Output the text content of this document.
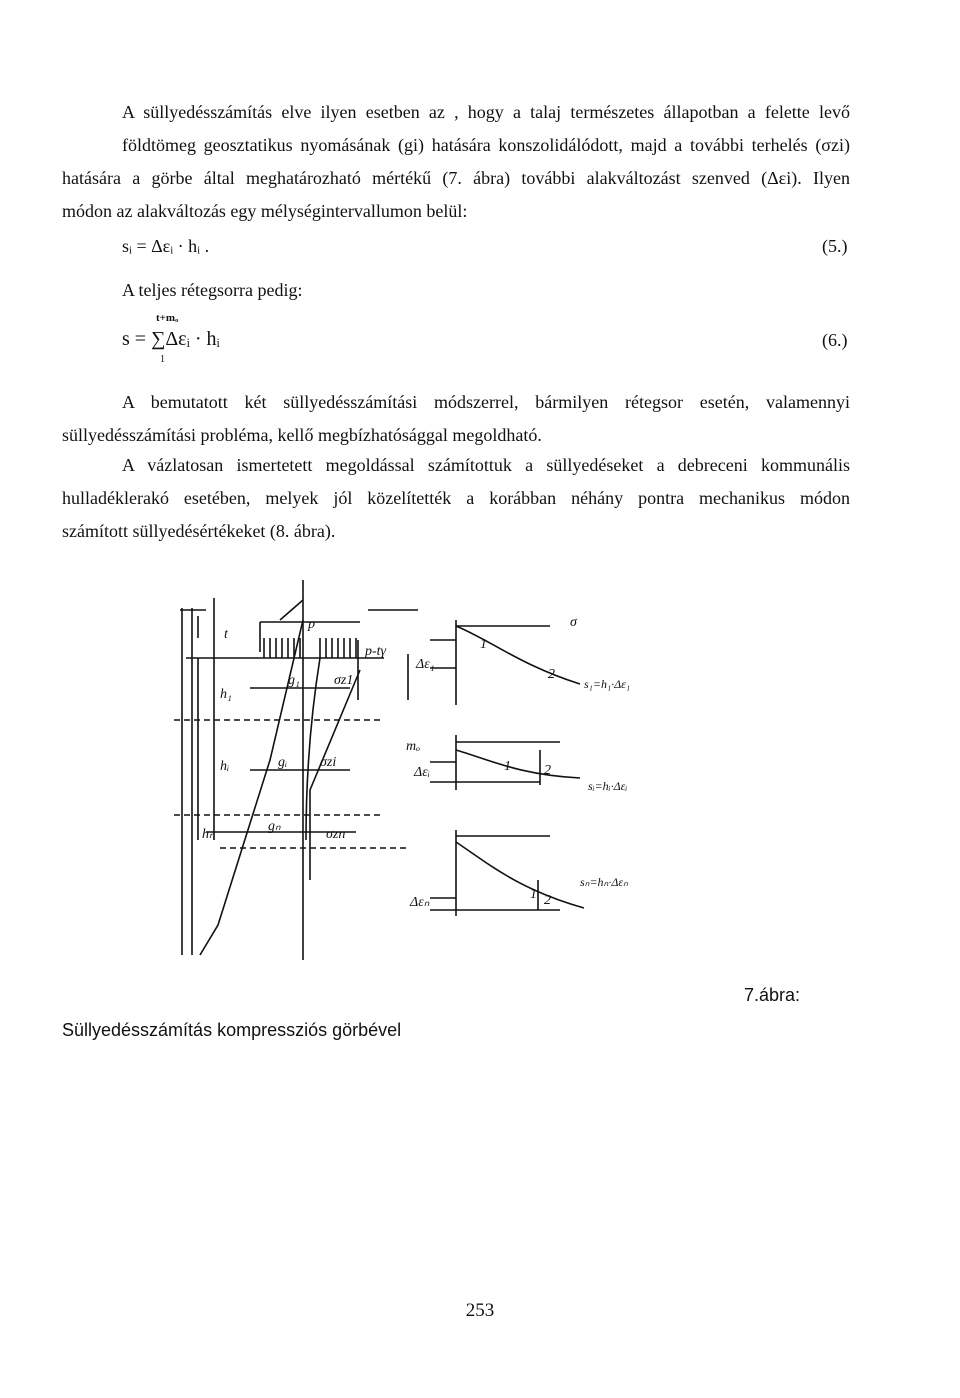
A süllyedésszámítás elve ilyen esetben az , hogy a talaj természetes állapotban a felette levő
földtömeg geosztatikus nyomásának (gi) hatására konszolidálódott, majd a további terhelés (σzi)
hatására a görbe által meghatározható mértékű (7. ábra) további alakváltozást szenved (Δεi). Ilyen
módon az alakváltozás egy mélységintervallumon belül:
sᵢ = Δεᵢ · hᵢ .	(5.)
A teljes rétegsorra pedig:
t+mₒ
s = ∑Δεᵢ · hᵢ
1
(6.)
A bemutatott két süllyedésszámítási módszerrel, bármilyen rétegsor esetén, valamennyi
süllyedésszámítási probléma, kellő megbízhatósággal megoldható.
A vázlatosan ismertetett megoldással számítottuk a süllyedéseket a debreceni kommunális
hulladéklerakó esetében, melyek jól közelítették a korábban néhány pontra mechanikus módon
számított süllyedésértékeket (8. ábra).
t
p
p-tγ
h₁
hᵢ
hₙ
g₁
gᵢ
gₙ
σz1
σzi
σzn
mₒ
Δε₁
Δεᵢ
Δεₙ
σ
1
2
1 2
1 2
s₁=h₁·Δε₁
sᵢ=hᵢ·Δεᵢ
sₙ=hₙ·Δεₙ
7.ábra:
Süllyedésszámítás kompressziós görbével
253
